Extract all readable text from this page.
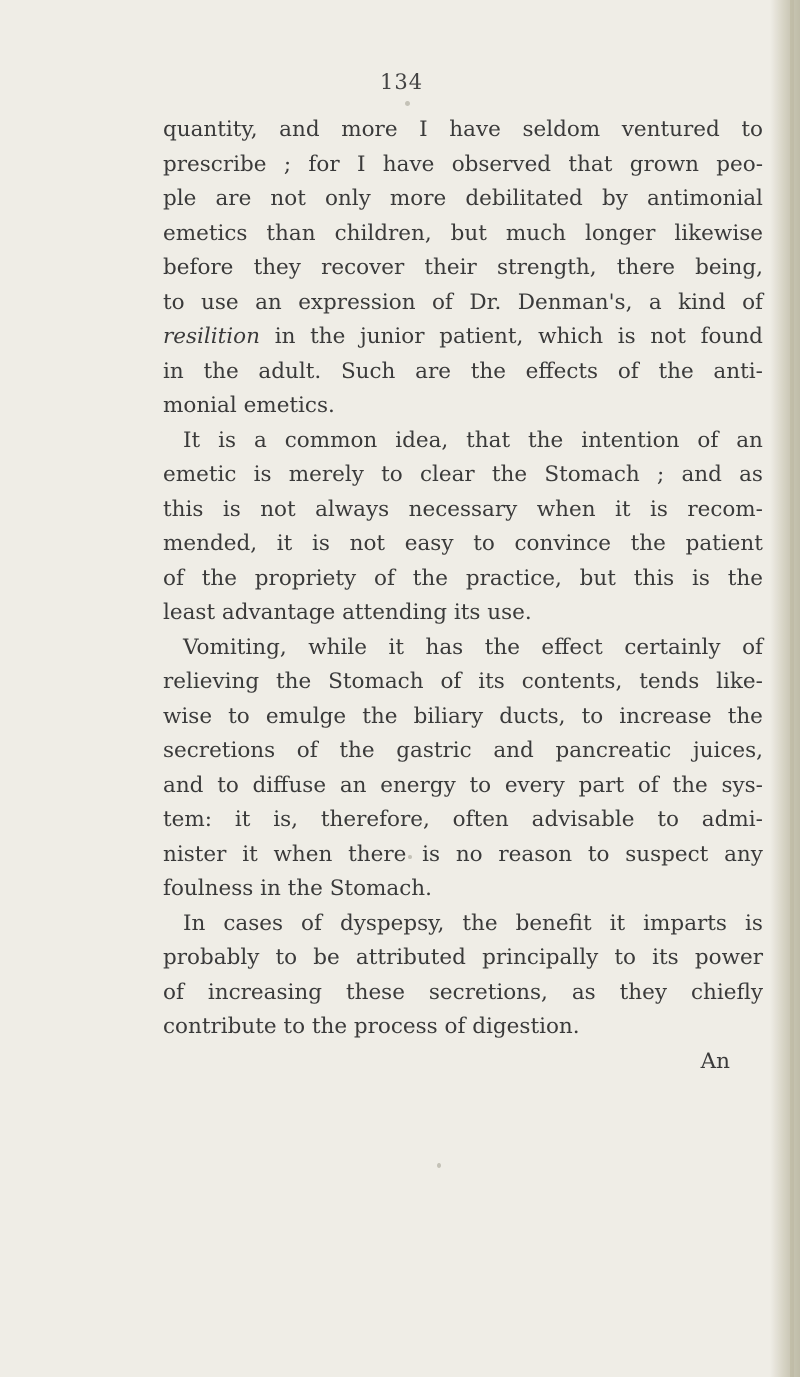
134
quantity, and more I have seldom ventured to
prescribe ; for I have observed that grown peo-
ple are not only more debilitated by antimonial
emetics than children, but much longer likewise
before they recover their strength, there being,
to use an expression of Dr. Denman's, a kind of
resilition in the junior patient, which is not found
in the adult. Such are the effects of the anti-
monial emetics.
It is a common idea, that the intention of an
emetic is merely to clear the Stomach ; and as
this is not always necessary when it is recom-
mended, it is not easy to convince the patient
of the propriety of the practice, but this is the
least advantage attending its use.
Vomiting, while it has the effect certainly of
relieving the Stomach of its contents, tends like-
wise to emulge the biliary ducts, to increase the
secretions of the gastric and pancreatic juices,
and to diffuse an energy to every part of the sys-
tem: it is, therefore, often advisable to admi-
nister it when there is no reason to suspect any
foulness in the Stomach.
In cases of dyspepsy, the benefit it imparts is
probably to be attributed principally to its power
of increasing these secretions, as they chiefly
contribute to the process of digestion.
An
